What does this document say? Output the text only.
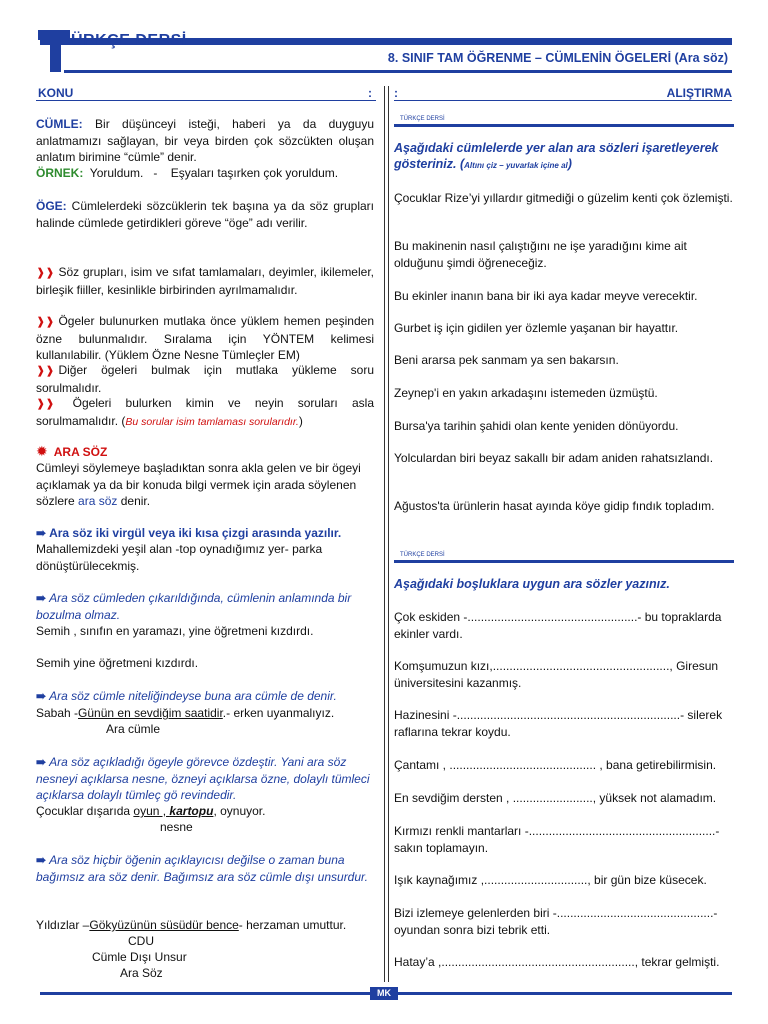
ÜRKÇE DERSİ
8. SINIF TAM ÖĞRENME – CÜMLENİN ÖGELERİ (Ara söz)
KONU	: :	ALIŞTIRMA
CÜMLE: Bir düşünceyi isteği, haberi ya da duyguyu anlatmamızı sağlayan, bir veya birden çok sözcükten oluşan anlatım birimine “cümle” denir.
ÖRNEK:  Yoruldum.   -    Eşyaları taşırken çok yoruldum.
ÖGE: Cümlelerdeki sözcüklerin tek başına ya da söz grupları halinde cümlede getirdikleri göreve “öge” adı verilir.
❱❱ Söz grupları, isim ve sıfat tamlamaları, deyimler, ikilemeler, birleşik fiiller, kesinlikle birbirinden ayrılmamalıdır.
❱❱ Ögeler bulunurken mutlaka önce yüklem hemen peşinden özne bulunmalıdır. Sıralama için YÖNTEM kelimesi kullanılabilir. (Yüklem Özne Nesne Tümleçler EM)
❱❱ Diğer ögeleri bulmak için mutlaka yükleme soru sorulmalıdır.
❱❱ Ögeleri bulurken kimin ve neyin soruları asla sorulmamalıdır. (Bu sorular isim tamlaması sorularıdır.)
✹ ARA SÖZ
Cümleyi söylemeye başladıktan sonra akla gelen ve bir ögeyi açıklamak ya da bir konuda bilgi vermek için arada söylenen sözlere ara söz denir.
➠ Ara söz iki virgül veya iki kısa çizgi arasında yazılır.
Mahallemizdeki yeşil alan -top oynadığımız yer- parka dönüştürülecekmiş.
➠ Ara söz cümleden çıkarıldığında, cümlenin anlamında bir bozulma olmaz.
Semih , sınıfın en yaramazı, yine öğretmeni kızdırdı.
Semih yine öğretmeni kızdırdı.
➠ Ara söz cümle niteliğindeyse buna ara cümle de denir.
Sabah -Günün en sevdiğim saatidir.- erken uyanmalıyız.
Ara cümle
➠ Ara söz açıkladığı ögeyle görevce özdeştir. Yani ara söz nesneyi açıklarsa nesne, özneyi açıklarsa özne, dolaylı tümleci açıklarsa dolaylı tümleç gö revindedir.
Çocuklar dışarıda oyun , kartopu, oynuyor.
nesne
➠ Ara söz hiçbir öğenin açıklayıcısı değilse o zaman buna bağımsız ara söz denir. Bağımsız ara söz cümle dışı unsurdur.
Yıldızlar –Gökyüzünün süsüdür bence- herzaman umuttur.
CDU
Cümle Dışı Unsur
Ara Söz
TÜRKÇE DERSİ
Aşağıdaki cümlelerde yer alan ara sözleri işaretleyerek gösteriniz. (Altını çiz – yuvarlak içine al)
Çocuklar Rize’yi yıllardır gitmediği o güzelim kenti çok özlemişti.
Bu makinenin nasıl çalıştığını ne işe yaradığını kime ait olduğunu şimdi öğreneceğiz.
Bu ekinler inanın bana bir iki aya kadar meyve verecektir.
Gurbet iş için gidilen yer özlemle yaşanan bir hayattır.
Beni ararsa pek sanmam ya sen bakarsın.
Zeynep'i en yakın arkadaşını istemeden üzmüştü.
Bursa'ya tarihin şahidi olan kente yeniden dönüyordu.
Yolculardan biri beyaz sakallı bir adam aniden rahatsızlandı.
Ağustos'ta ürünlerin hasat ayında köye gidip fındık topladım.
TÜRKÇE DERSİ
Aşağıdaki boşluklara uygun ara sözler yazınız.
Çok eskiden -...................................................- bu topraklarda ekinler vardı.
Komşumuzun kızı,....................................................., Giresun üniversitesini kazanmış.
Hazinesini -...................................................................- silerek raflarına tekrar koydu.
Çantamı , ............................................ , bana getirebilirmisin.
En sevdiğim dersten , ........................, yüksek not alamadım.
Kırmızı renkli mantarları -........................................................- sakın toplamayın.
Işık kaynağımız ,..............................., bir gün bize küsecek.
Bizi izlemeye gelenlerden biri -...............................................- oyundan sonra bizi tebrik etti.
Hatay’a ,.........................................................., tekrar gelmişti.
MK
